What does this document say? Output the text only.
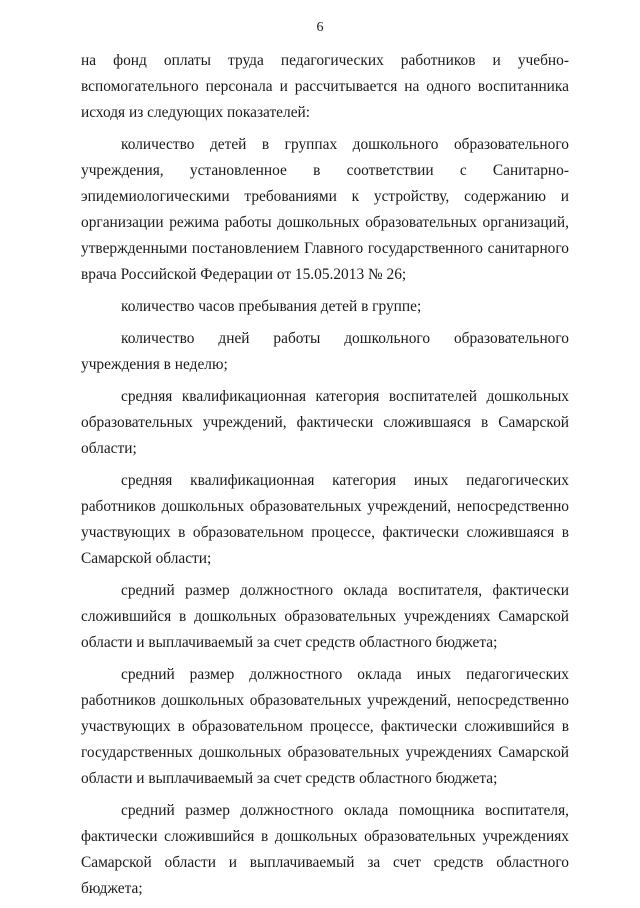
6

на фонд оплаты труда педагогических работников и учебно-вспомогательного персонала и рассчитывается на одного воспитанника исходя из следующих показателей:

количество детей в группах дошкольного образовательного учреждения, установленное в соответствии с Санитарно-эпидемиологическими требованиями к устройству, содержанию и организации режима работы дошкольных образовательных организаций, утвержденными постановлением Главного государственного санитарного врача Российской Федерации от 15.05.2013 № 26;

количество часов пребывания детей в группе;

количество дней работы дошкольного образовательного учреждения в неделю;

средняя квалификационная категория воспитателей дошкольных образовательных учреждений, фактически сложившаяся в Самарской области;

средняя квалификационная категория иных педагогических работников дошкольных образовательных учреждений, непосредственно участвующих в образовательном процессе, фактически сложившаяся в Самарской области;

средний размер должностного оклада воспитателя, фактически сложившийся в дошкольных образовательных учреждениях Самарской области и выплачиваемый за счет средств областного бюджета;

средний размер должностного оклада иных педагогических работников дошкольных образовательных учреждений, непосредственно участвующих в образовательном процессе, фактически сложившийся в государственных дошкольных образовательных учреждениях Самарской области и выплачиваемый за счет средств областного бюджета;

средний размер должностного оклада помощника воспитателя, фактически сложившийся в дошкольных образовательных учреждениях Самарской области и выплачиваемый за счет средств областного бюджета;
